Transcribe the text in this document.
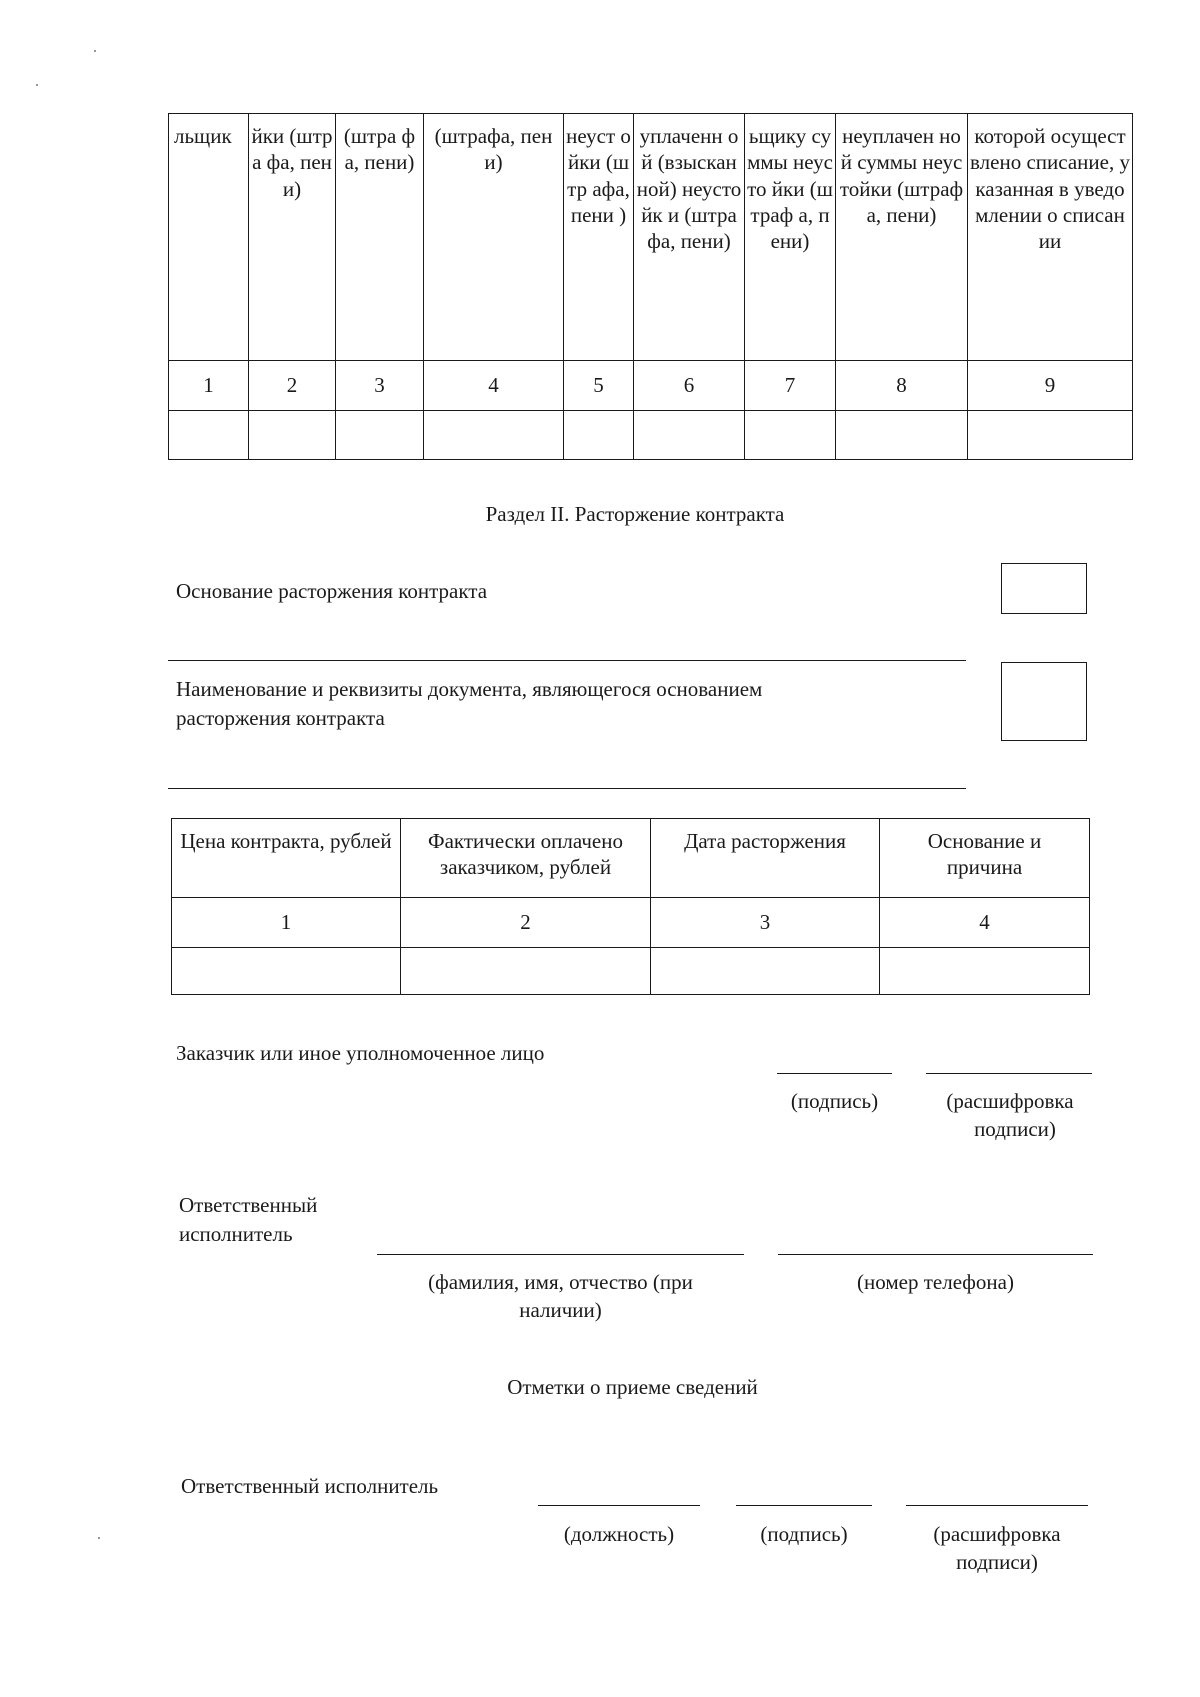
льщик	йки (штра фа, пени)	(штра фа, пени)	(штрафа, пени)	неуст ойки (штр афа, пени )	уплаченн ой (взыскан ной) неустойк и (штрафа, пени)	ьщику суммы неусто йки (штраф а, пени)	неуплачен ной суммы неустойки (штрафа, пени)	которой осуществлено списание, указанная в уведомлении о списании
1	2	3	4	5	6	7	8	9

Раздел II. Расторжение контракта
Основание расторжения контракта
Наименование и реквизиты документа, являющегося основанием
расторжения контракта
Цена контракта, рублей	Фактически оплачено заказчиком, рублей	Дата расторжения	Основание и причина
1	2	3	4

Заказчик или иное уполномоченное лицо
(подпись)	(расшифровка
подписи)
Ответственный
исполнитель
(фамилия, имя, отчество (при
наличии)
(номер телефона)
Отметки о приеме сведений
Ответственный исполнитель
(должность)	(подпись)	(расшифровка
подписи)
